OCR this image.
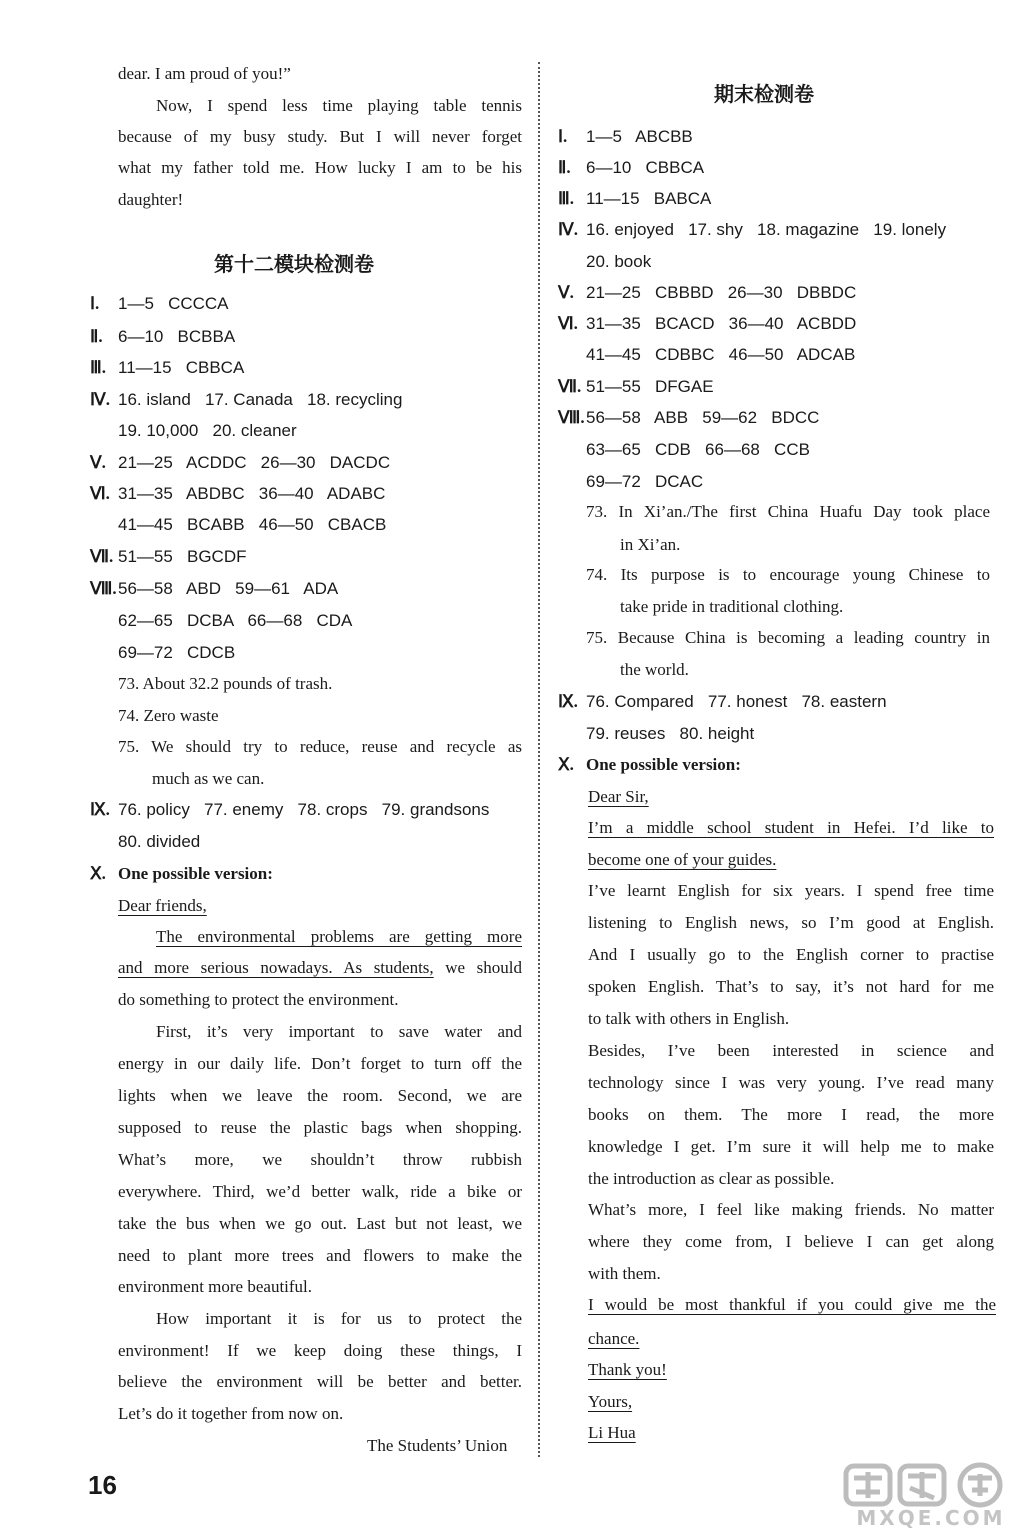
dear. I am proud of you!”
Now, I spend less time playing table tennis
because of my busy study. But I will never forget
what my father told me. How lucky I am to be his
daughter!
第十二模块检测卷
Ⅰ. 1—5   CCCCA
Ⅱ. 6—10   BCBBA
Ⅲ. 11—15   CBBCA
Ⅳ. 16. island   17. Canada   18. recycling
19. 10,000   20. cleaner
Ⅴ. 21—25   ACDDC   26—30   DACDC
Ⅵ. 31—35   ABDBC   36—40   ADABC
41—45   BCABB   46—50   CBACB
Ⅶ. 51—55   BGCDF
Ⅷ.56—58   ABD   59—61   ADA
62—65   DCBA   66—68   CDA
69—72   CDCB
73. About 32.2 pounds of trash.
74. Zero waste
75. We should try to reduce, reuse and recycle as
much as we can.
Ⅸ. 76. policy   77. enemy   78. crops   79. grandsons
80. divided
Ⅹ. One possible version:
Dear friends,
The environmental problems are getting more
and more serious nowadays. As students, we should
do something to protect the environment.
First, it’s very important to save water and
energy in our daily life. Don’t forget to turn off the
lights when we leave the room. Second, we are
supposed to reuse the plastic bags when shopping.
What’s more, we shouldn’t throw rubbish
everywhere. Third, we’d better walk, ride a bike or
take the bus when we go out. Last but not least, we
need to plant more trees and flowers to make the
environment more beautiful.
How important it is for us to protect the
environment! If we keep doing these things, I
believe the environment will be better and better.
Let’s do it together from now on.
The Students’ Union
期末检测卷
Ⅰ. 1—5   ABCBB
Ⅱ. 6—10   CBBCA
Ⅲ. 11—15   BABCA
Ⅳ. 16. enjoyed   17. shy   18. magazine   19. lonely
20. book
Ⅴ. 21—25   CBBBD   26—30   DBBDC
Ⅵ. 31—35   BCACD   36—40   ACBDD
41—45   CDBBC   46—50   ADCAB
Ⅶ. 51—55   DFGAE
Ⅷ.56—58   ABB   59—62   BDCC
63—65   CDB   66—68   CCB
69—72   DCAC
73. In Xi’an./The first China Huafu Day took place
in Xi’an.
74. Its purpose is to encourage young Chinese to
take pride in traditional clothing.
75. Because China is becoming a leading country in
the world.
Ⅸ. 76. Compared   77. honest   78. eastern
79. reuses   80. height
Ⅹ. One possible version:
Dear Sir,
I’m a middle school student in Hefei. I’d like to
become one of your guides.
I’ve learnt English for six years. I spend free time
listening to English news, so I’m good at English.
And I usually go to the English corner to practise
spoken English. That’s to say, it’s not hard for me
to talk with others in English.
Besides, I’ve been interested in science and
technology since I was very young. I’ve read many
books on them. The more I read, the more
knowledge I get. I’m sure it will help me to make
the introduction as clear as possible.
What’s more, I feel like making friends. No matter
where they come from, I believe I can get along
with them.
I would be most thankful if you could give me the
chance.
Thank you!
Yours,
Li Hua
16
MXQE.COM
